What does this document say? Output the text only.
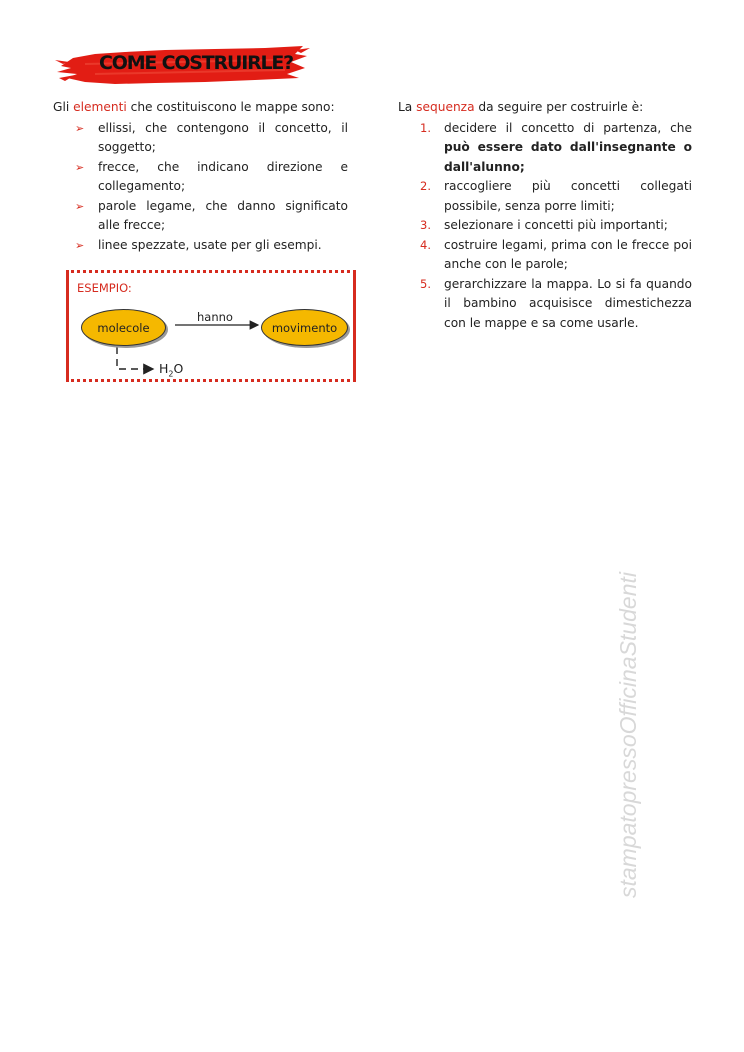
COME COSTRUIRLE?

Gli elementi che costituiscono le mappe sono:

➢ ellissi, che contengono il concetto, il soggetto;
➢ frecce, che indicano direzione e collegamento;
➢ parole legame, che danno significato alle frecce;
➢ linee spezzate, usate per gli esempi.
ESEMPIO:
molecole
hanno
movimento
$H_2O$

La sequenza da seguire per costruirle è:

1. decidere il concetto di partenza, che può essere dato dall'insegnante o dall'alunno;
2. raccogliere più concetti collegati possibile, senza porre limiti;
3. selezionare i concetti più importanti;
4. costruire legami, prima con le frecce poi anche con le parole;
5. gerarchizzare la mappa. Lo si fa quando il bambino acquisisce dimestichezza con le mappe e sa come usarle.
stampatopressoOfficinaStudenti
